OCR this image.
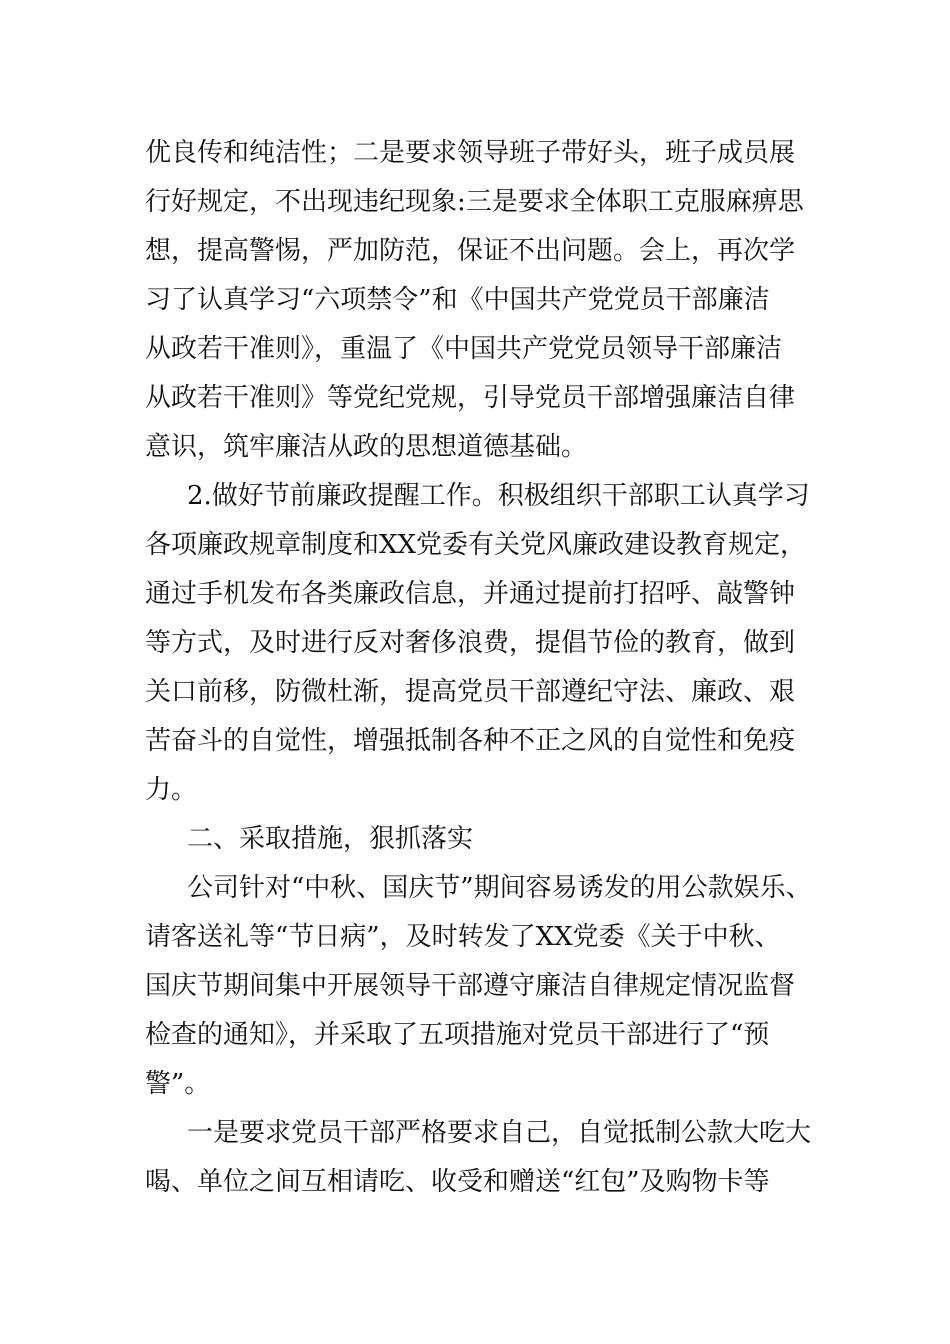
优良传和纯洁性；二是要求领导班子带好头，班子成员展
行好规定，不出现违纪现象:三是要求全体职工克服麻痹思
想，提高警惕，严加防范，保证不出问题。会上，再次学
习了认真学习“六项禁令”和《中国共产党党员干部廉洁
从政若干准则》，重温了《中国共产党党员领导干部廉洁
从政若干准则》等党纪党规，引导党员干部增强廉洁自律
意识，筑牢廉洁从政的思想道德基础。
2.做好节前廉政提醒工作。积极组织干部职工认真学习
各项廉政规章制度和XX党委有关党风廉政建设教育规定，
通过手机发布各类廉政信息，并通过提前打招呼、敲警钟
等方式，及时进行反对奢侈浪费，提倡节俭的教育，做到
关口前移，防微杜渐，提高党员干部遵纪守法、廉政、艰
苦奋斗的自觉性，增强抵制各种不正之风的自觉性和免疫
力。
二、采取措施，狠抓落实
公司针对“中秋、国庆节”期间容易诱发的用公款娱乐、
请客送礼等“节日病”，及时转发了XX党委《关于中秋、
国庆节期间集中开展领导干部遵守廉洁自律规定情况监督
检查的通知》，并采取了五项措施对党员干部进行了“预
警”。
一是要求党员干部严格要求自己，自觉抵制公款大吃大
喝、单位之间互相请吃、收受和赠送“红包”及购物卡等
